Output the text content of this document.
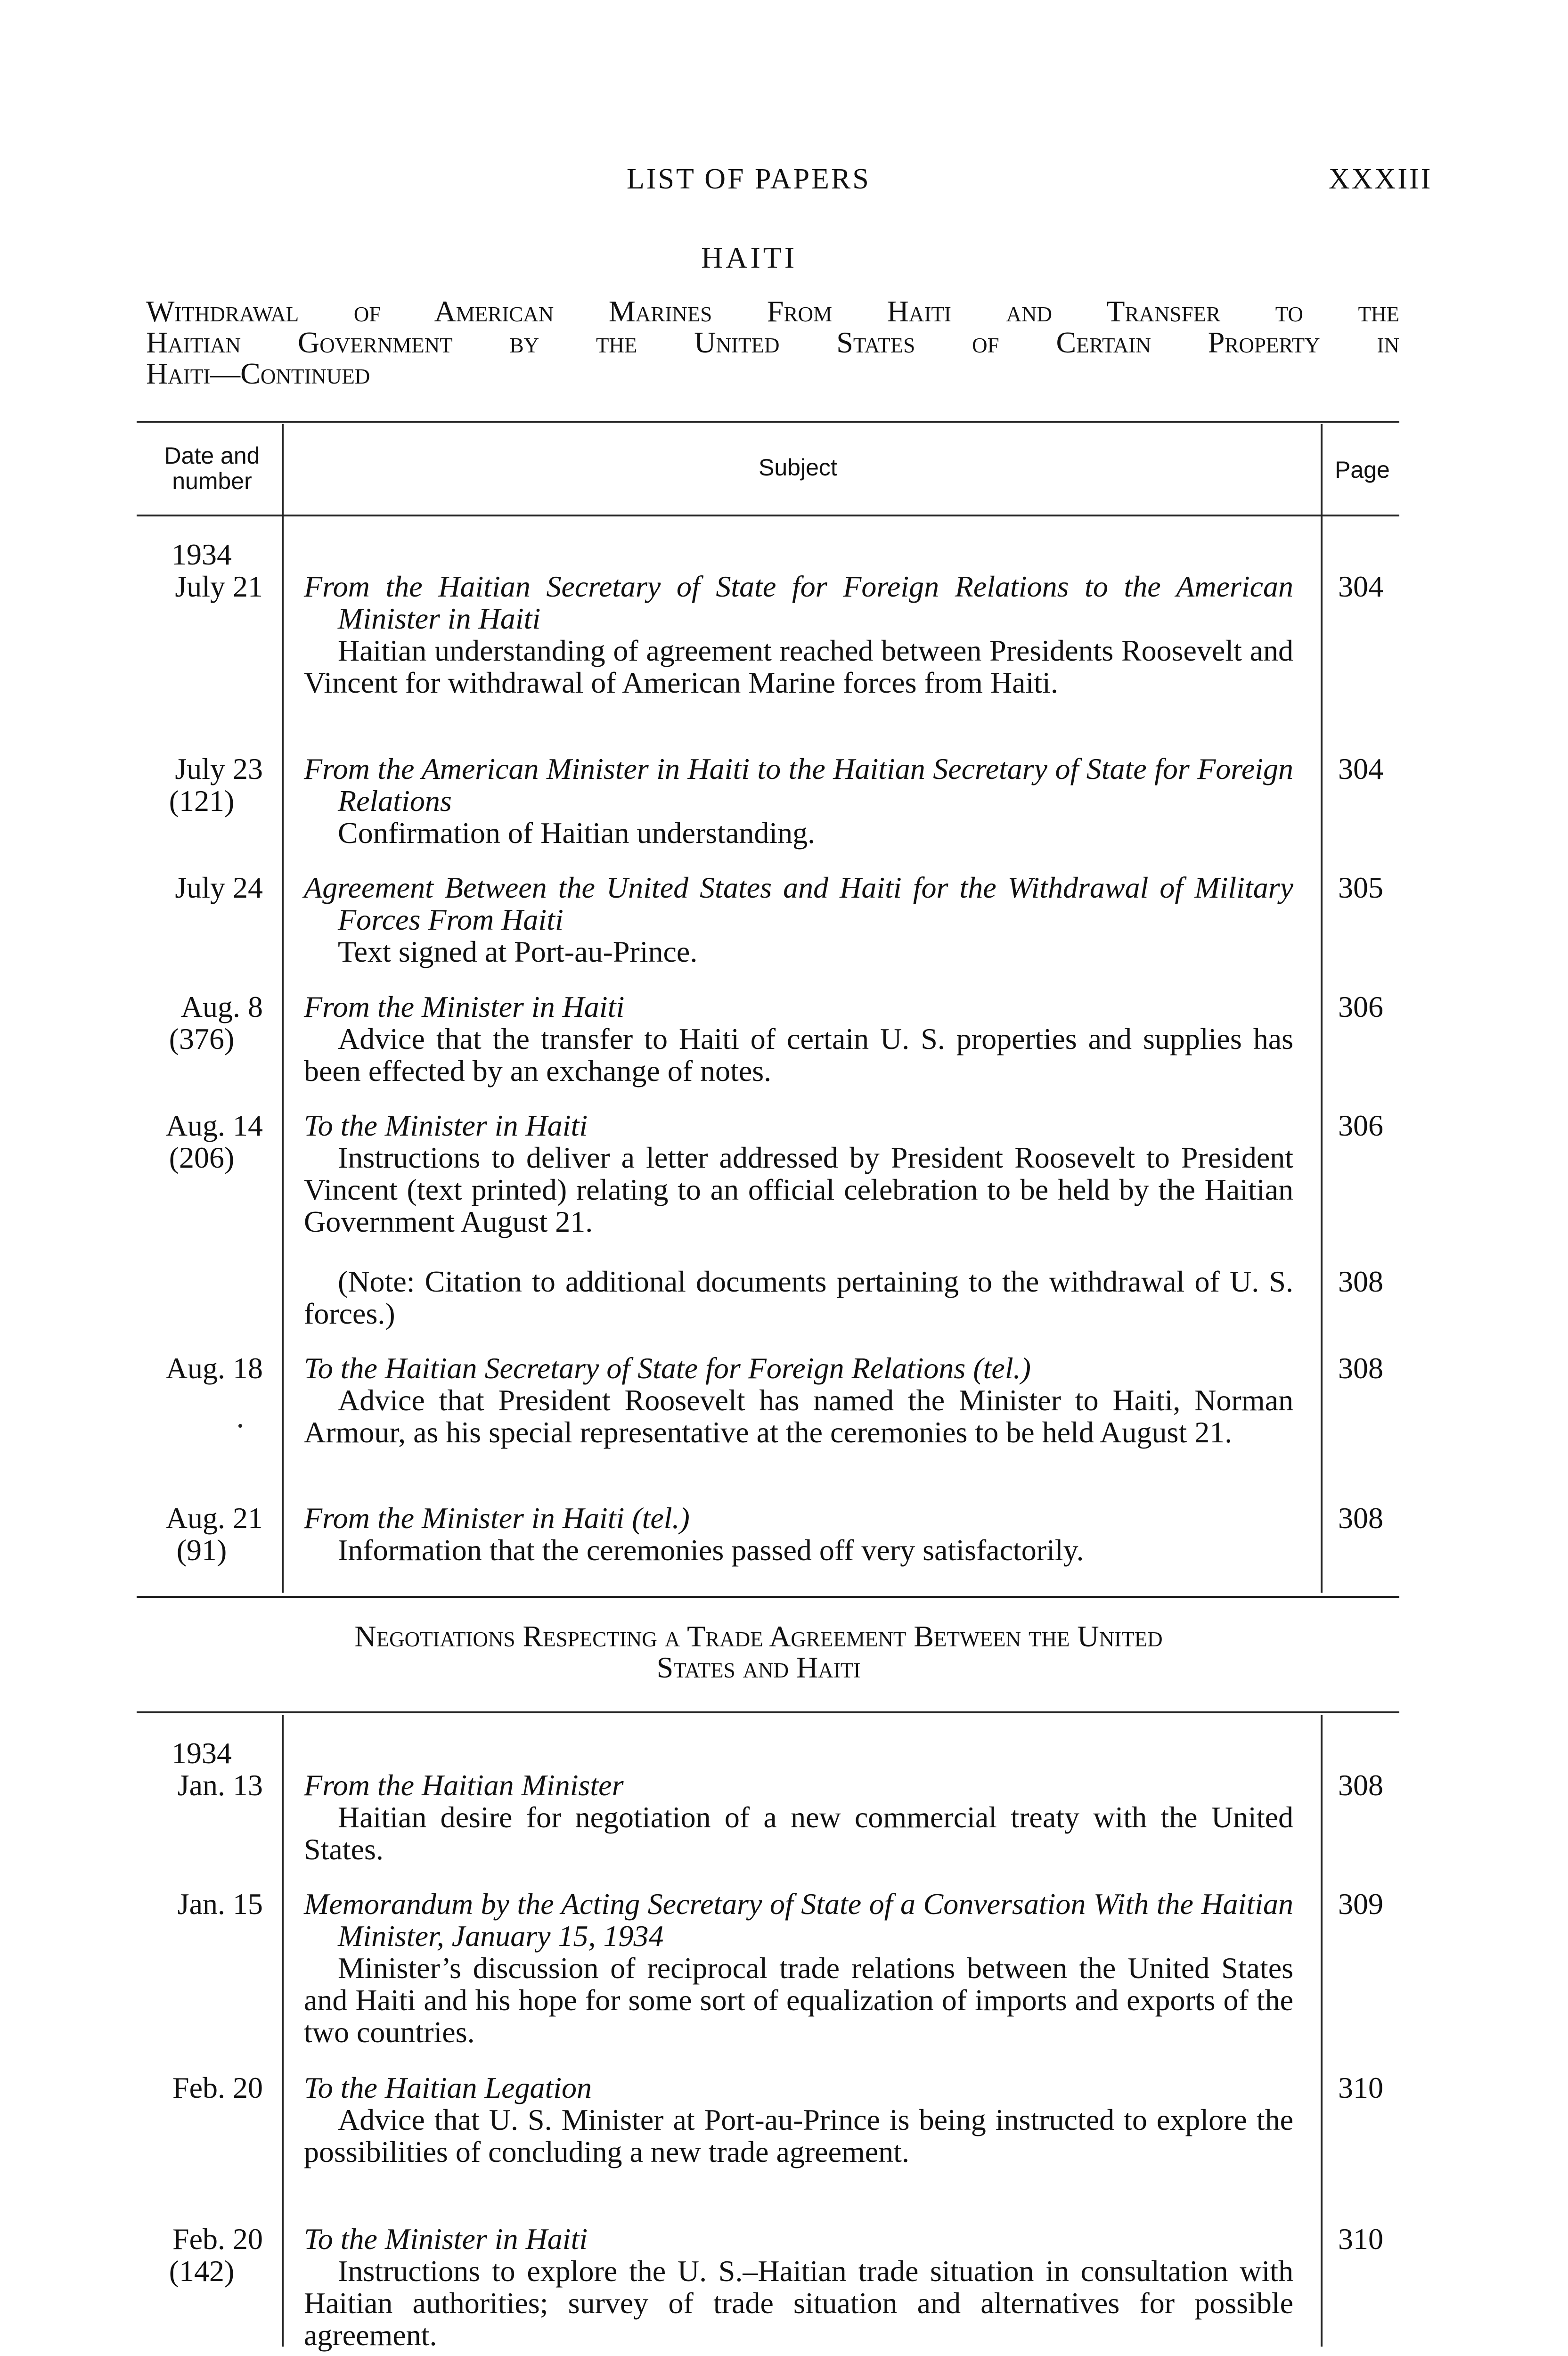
LIST OF PAPERS	XXXIII
HAITI
Withdrawal of American Marines From Haiti and Transfer to the
Haitian Government by the United States of Certain Property in
Haiti—Continued
Date and number
Subject	Page
1934
July 21 From the Haitian Secretary of State for Foreign Relations to the American Minister in Haiti
Haitian understanding of agreement reached between Presidents Roosevelt and Vincent for withdrawal of American Marine forces from Haiti.
304
July 23
(121)
From the American Minister in Haiti to the Haitian Secretary of State for Foreign Relations
Confirmation of Haitian understanding.
304
July 24 Agreement Between the United States and Haiti for the Withdrawal of Military Forces From Haiti
Text signed at Port-au-Prince.
305
Aug. 8
(376)
From the Minister in Haiti
Advice that the transfer to Haiti of certain U. S. properties and supplies has been effected by an exchange of notes.
306
Aug. 14
(206)
To the Minister in Haiti
Instructions to deliver a letter addressed by President Roosevelt to President Vincent (text printed) relating to an official celebration to be held by the Haitian Government August 21.
306
(Note: Citation to additional documents pertaining to the withdrawal of U. S. forces.)
308
Aug. 18 To the Haitian Secretary of State for Foreign Relations (tel.)
Advice that President Roosevelt has named the Minister to Haiti, Norman Armour, as his special representative at the ceremonies to be held August 21.
308
Aug. 21
(91)
From the Minister in Haiti (tel.)
Information that the ceremonies passed off very satisfactorily.
308
Negotiations Respecting a Trade Agreement Between the United
States and Haiti
1934
Jan. 13 From the Haitian Minister
Haitian desire for negotiation of a new commercial treaty with the United States.
308
Jan. 15 Memorandum by the Acting Secretary of State of a Conversation With the Haitian Minister, January 15, 1934
Minister’s discussion of reciprocal trade relations between the United States and Haiti and his hope for some sort of equalization of imports and exports of the two countries.
309
Feb. 20 To the Haitian Legation
Advice that U. S. Minister at Port-au-Prince is being instructed to explore the possibilities of concluding a new trade agreement.
310
Feb. 20
(142)
To the Minister in Haiti
Instructions to explore the U. S.–Haitian trade situation in consultation with Haitian authorities; survey of trade situation and alternatives for possible agreement.
310
